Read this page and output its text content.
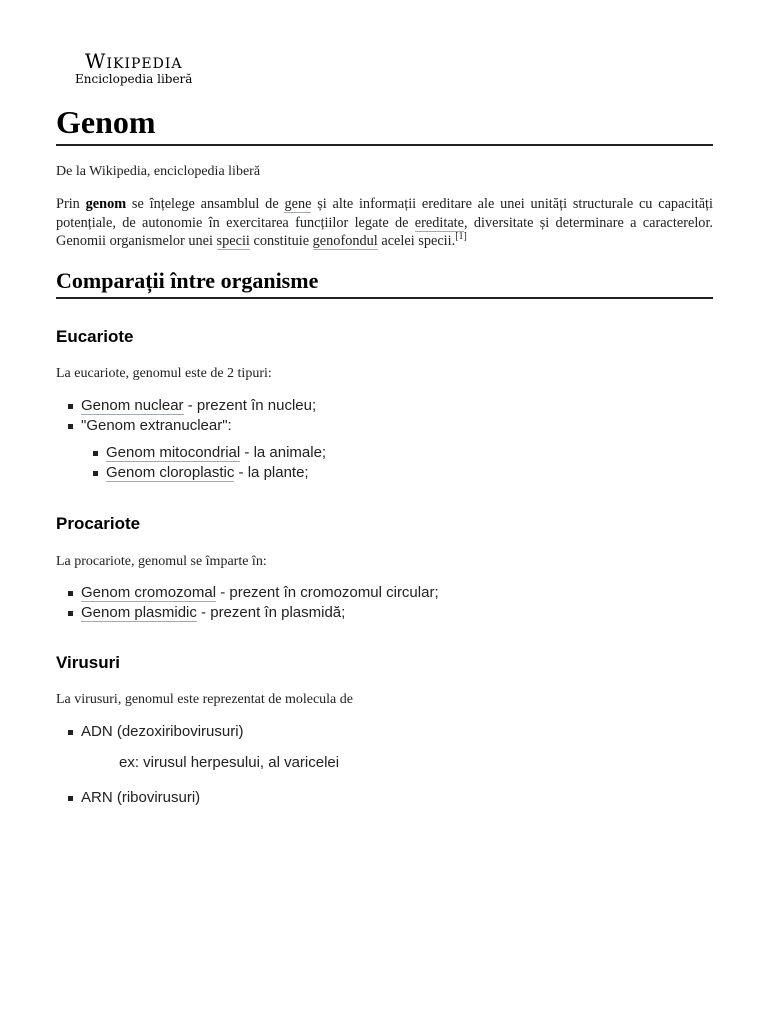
Wikipedia
Enciclopedia liberă
Genom
De la Wikipedia, enciclopedia liberă
Prin genom se înțelege ansamblul de gene și alte informații ereditare ale unei unități structurale cu capacități potențiale, de autonomie în exercitarea funcțiilor legate de ereditate, diversitate și determinare a caracterelor. Genomii organismelor unei specii constituie genofondul acelei specii.[1]
Comparații între organisme
Eucariote
La eucariote, genomul este de 2 tipuri:
Genom nuclear - prezent în nucleu;
"Genom extranuclear":
Genom mitocondrial - la animale;
Genom cloroplastic - la plante;
Procariote
La procariote, genomul se împarte în:
Genom cromozomal - prezent în cromozomul circular;
Genom plasmidic - prezent în plasmidă;
Virusuri
La virusuri, genomul este reprezentat de molecula de
ADN (dezoxiribovirusuri)
ex: virusul herpesului, al varicelei
ARN (ribovirusuri)
